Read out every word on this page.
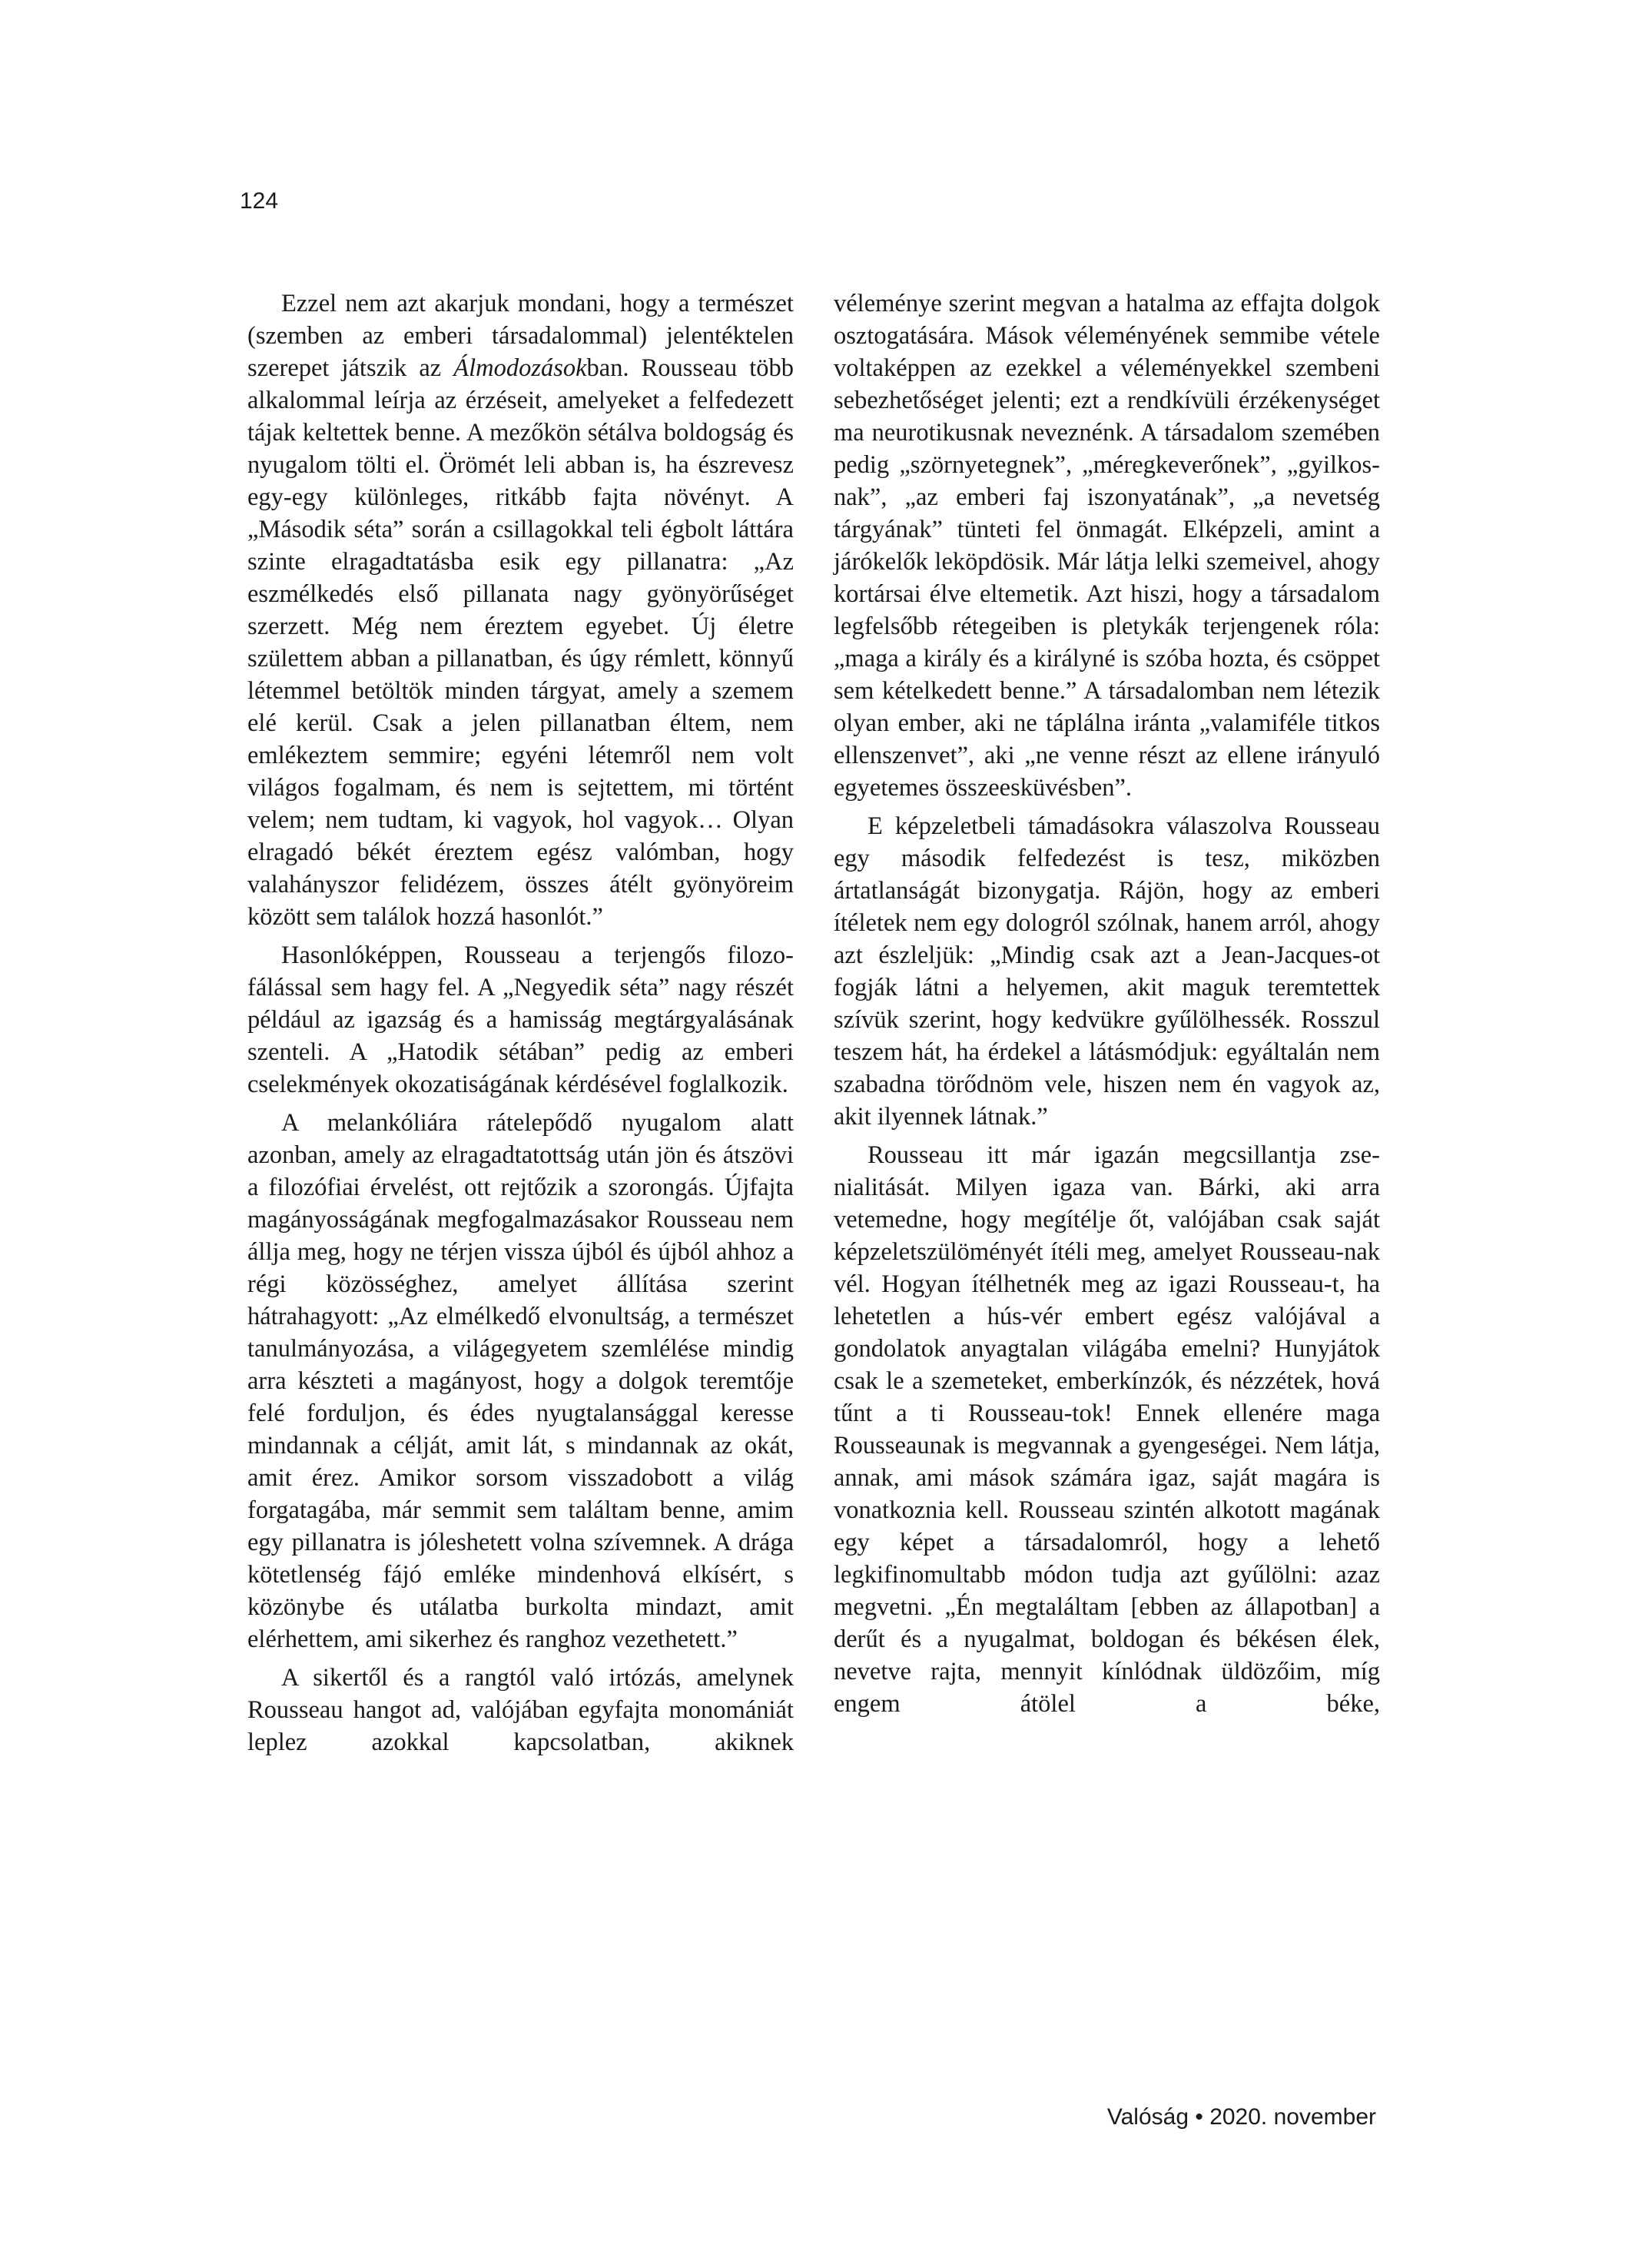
124

Ezzel nem azt akarjuk mondani, hogy a természet (szemben az emberi társadalommal) jelentéktelen szerepet játszik az Álmodozásokban. Rousseau több alkalommal leírja az érzéseit, amelyeket a felfedezett tájak keltettek benne. A mezőkön sétálva boldogság és nyugalom tölti el. Örömét leli abban is, ha észrevesz egy-egy különleges, ritkább fajta növényt. A „Második séta” során a csillagokkal teli égbolt láttára szinte elragadtatásba esik egy pillanatra: „Az eszmélkedés első pillanata nagy gyönyörűséget szerzett. Még nem éreztem egyebet. Új életre születtem abban a pillanatban, és úgy rémlett, könnyű létemmel betöltök minden tárgyat, amely a szemem elé kerül. Csak a jelen pillanatban éltem, nem emlékeztem semmire; egyéni létemről nem volt világos fogalmam, és nem is sejtettem, mi történt velem; nem tudtam, ki vagyok, hol vagyok… Olyan elragadó békét éreztem egész valómban, hogy valahányszor felidézem, összes átélt gyönyöreim között sem találok hozzá hasonlót.”

Hasonlóképpen, Rousseau a terjengős filozofálással sem hagy fel. A „Negyedik séta” nagy részét például az igazság és a hamisság megtárgyalásának szenteli. A „Hatodik sétában” pedig az emberi cselekmények okozatiságának kérdésével foglalkozik.

A melankóliára rátelepődő nyugalom alatt azonban, amely az elragadtatottság után jön és átszövi a filozófiai érvelést, ott rejtőzik a szorongás. Újfajta magányosságának megfogalmazásakor Rousseau nem állja meg, hogy ne térjen vissza újból és újból ahhoz a régi közösséghez, amelyet állítása szerint hátrahagyott: „Az elmélkedő elvonultság, a természet tanulmányozása, a világegyetem szemlélése mindig arra készteti a magányost, hogy a dolgok teremtője felé forduljon, és édes nyugtalansággal keresse mindannak a célját, amit lát, s mindannak az okát, amit érez. Amikor sorsom visszadobott a világ forgatagába, már semmit sem találtam benne, amim egy pillanatra is jóleshetett volna szívemnek. A drága kötetlenség fájó emléke mindenhová elkísért, s közönybe és utálatba burkolta mindazt, amit elérhettem, ami sikerhez és ranghoz vezethetett.”

A sikertől és a rangtól való irtózás, amelynek Rousseau hangot ad, valójában egyfajta monomániát leplez azokkal kapcsolatban, akiknek

véleménye szerint megvan a hatalma az effajta dolgok osztogatására. Mások véleményének semmibe vétele voltaképpen az ezekkel a véleményekkel szembeni sebezhetőséget jelenti; ezt a rendkívüli érzékenységet ma neurotikusnak neveznénk. A társadalom szemében pedig „szörnyetegnek”, „méregkeverőnek”, „gyilkosnak”, „az emberi faj iszonyatának”, „a nevetség tárgyának” tünteti fel önmagát. Elképzeli, amint a járókelők leköpdösik. Már látja lelki szemeivel, ahogy kortársai élve eltemetik. Azt hiszi, hogy a társadalom legfelsőbb rétegeiben is pletykák terjengenek róla: „maga a király és a királyné is szóba hozta, és csöppet sem kételkedett benne.” A társadalomban nem létezik olyan ember, aki ne táplálna iránta „valamiféle titkos ellenszenvet”, aki „ne venne részt az ellene irányuló egyetemes összeesküvésben”.

E képzeletbeli támadásokra válaszolva Rousseau egy második felfedezést is tesz, miközben ártatlanságát bizonygatja. Rájön, hogy az emberi ítéletek nem egy dologról szólnak, hanem arról, ahogy azt észleljük: „Mindig csak azt a Jean-Jacques-ot fogják látni a helyemen, akit maguk teremtettek szívük szerint, hogy kedvükre gyűlölhessék. Rosszul teszem hát, ha érdekel a látásmódjuk: egyáltalán nem szabadna törődnöm vele, hiszen nem én vagyok az, akit ilyennek látnak.”

Rousseau itt már igazán megcsillantja zsenialitását. Milyen igaza van. Bárki, aki arra vetemedne, hogy megítélje őt, valójában csak saját képzeletszülöményét ítéli meg, amelyet Rousseau-nak vél. Hogyan ítélhetnék meg az igazi Rousseau-t, ha lehetetlen a hús-vér embert egész valójával a gondolatok anyagtalan világába emelni? Hunyjátok csak le a szemeteket, emberkínzók, és nézzétek, hová tűnt a ti Rousseau-tok! Ennek ellenére maga Rousseaunak is megvannak a gyengeségei. Nem látja, annak, ami mások számára igaz, saját magára is vonatkoznia kell. Rousseau szintén alkotott magának egy képet a társadalomról, hogy a lehető legkifinomultabb módon tudja azt gyűlölni: azaz megvetni. „Én megtaláltam [ebben az állapotban] a derűt és a nyugalmat, boldogan és békésen élek, nevetve rajta, mennyit kínlódnak üldözőim, míg engem átölel a béke,

Valóság • 2020. november
